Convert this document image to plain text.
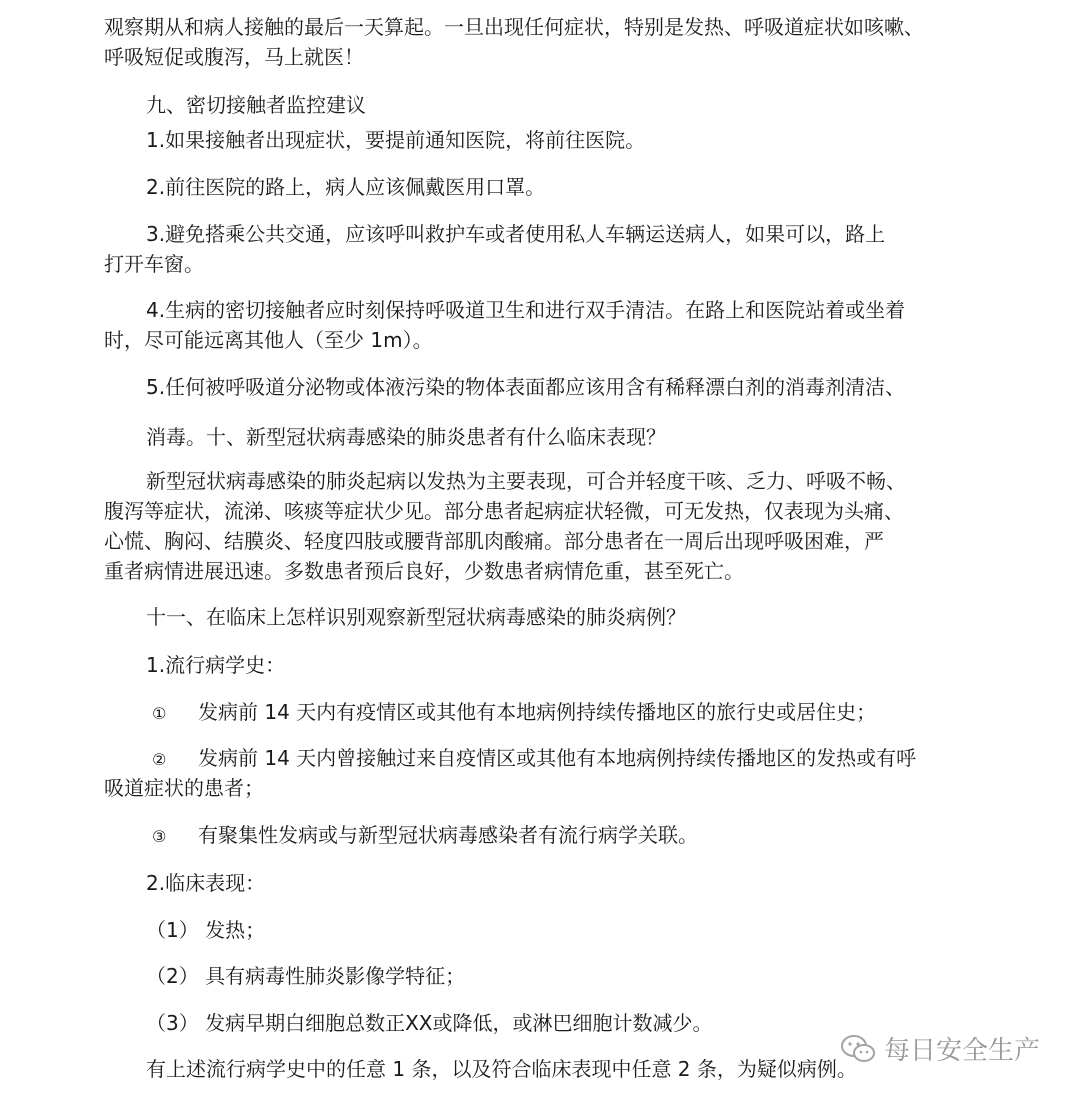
观察期从和病人接触的最后一天算起。一旦出现任何症状，特别是发热、呼吸道症状如咳嗽、
呼吸短促或腹泻，马上就医！
九、密切接触者监控建议
1.如果接触者出现症状，要提前通知医院，将前往医院。
2.前往医院的路上，病人应该佩戴医用口罩。
3.避免搭乘公共交通，应该呼叫救护车或者使用私人车辆运送病人，如果可以，路上
打开车窗。
4.生病的密切接触者应时刻保持呼吸道卫生和进行双手清洁。在路上和医院站着或坐着
时，尽可能远离其他人（至少 1m）。
5.任何被呼吸道分泌物或体液污染的物体表面都应该用含有稀释漂白剂的消毒剂清洁、
消毒。十、新型冠状病毒感染的肺炎患者有什么临床表现？
新型冠状病毒感染的肺炎起病以发热为主要表现，可合并轻度干咳、乏力、呼吸不畅、
腹泻等症状，流涕、咳痰等症状少见。部分患者起病症状轻微，可无发热，仅表现为头痛、
心慌、胸闷、结膜炎、轻度四肢或腰背部肌肉酸痛。部分患者在一周后出现呼吸困难，严
重者病情进展迅速。多数患者预后良好，少数患者病情危重，甚至死亡。
十一、在临床上怎样识别观察新型冠状病毒感染的肺炎病例？
1.流行病学史：
① 发病前 14 天内有疫情区或其他有本地病例持续传播地区的旅行史或居住史；
② 发病前 14 天内曾接触过来自疫情区或其他有本地病例持续传播地区的发热或有呼
吸道症状的患者；
③ 有聚集性发病或与新型冠状病毒感染者有流行病学关联。
2.临床表现：
（1） 发热；
（2） 具有病毒性肺炎影像学特征；
（3） 发病早期白细胞总数正XX或降低，或淋巴细胞计数减少。
有上述流行病学史中的任意 1 条，以及符合临床表现中任意 2 条，为疑似病例。
每日安全生产
